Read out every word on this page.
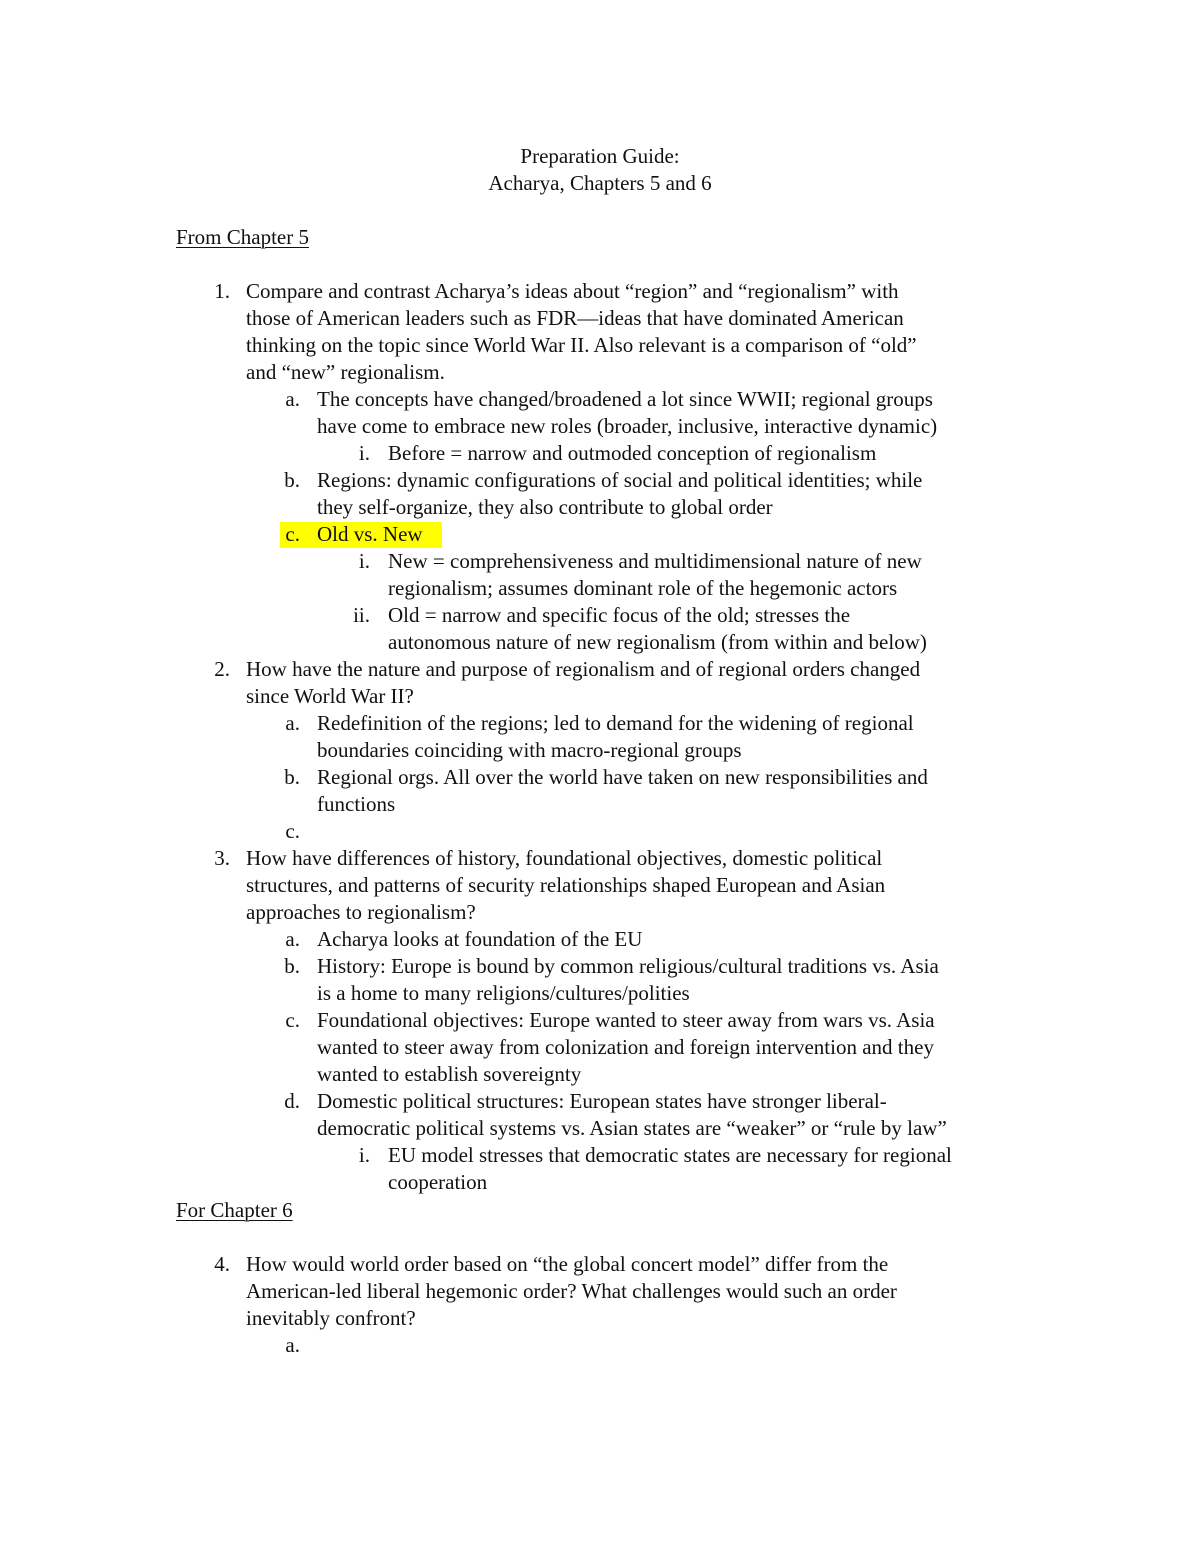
Preparation Guide:
Acharya, Chapters 5 and 6
From Chapter 5
1. Compare and contrast Acharya’s ideas about “region” and “regionalism” with
those of American leaders such as FDR—ideas that have dominated American
thinking on the topic since World War II. Also relevant is a comparison of “old”
and “new” regionalism.
a. The concepts have changed/broadened a lot since WWII; regional groups
have come to embrace new roles (broader, inclusive, interactive dynamic)
i. Before = narrow and outmoded conception of regionalism
b. Regions: dynamic configurations of social and political identities; while
they self-organize, they also contribute to global order
c. Old vs. New
i. New = comprehensiveness and multidimensional nature of new
regionalism; assumes dominant role of the hegemonic actors
ii. Old = narrow and specific focus of the old; stresses the
autonomous nature of new regionalism (from within and below)
2. How have the nature and purpose of regionalism and of regional orders changed
since World War II?
a. Redefinition of the regions; led to demand for the widening of regional
boundaries coinciding with macro-regional groups
b. Regional orgs. All over the world have taken on new responsibilities and
functions
c.
3. How have differences of history, foundational objectives, domestic political
structures, and patterns of security relationships shaped European and Asian
approaches to regionalism?
a. Acharya looks at foundation of the EU
b. History: Europe is bound by common religious/cultural traditions vs. Asia
is a home to many religions/cultures/polities
c. Foundational objectives: Europe wanted to steer away from wars vs. Asia
wanted to steer away from colonization and foreign intervention and they
wanted to establish sovereignty
d. Domestic political structures: European states have stronger liberal-
democratic political systems vs. Asian states are “weaker” or “rule by law”
i. EU model stresses that democratic states are necessary for regional
cooperation
For Chapter 6
4. How would world order based on “the global concert model” differ from the
American-led liberal hegemonic order? What challenges would such an order
inevitably confront?
a.
